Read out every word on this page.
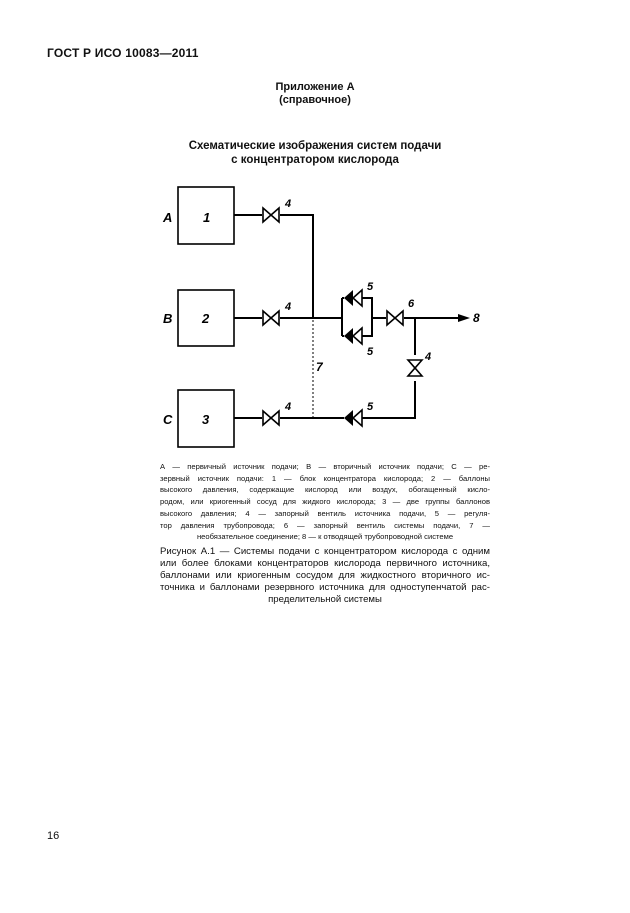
ГОСТ Р ИСО 10083—2011
Приложение А
(справочное)
Схематические изображения систем подачи
с концентратором кислорода
A 1
B 2
C 3
4
4
4
4
5
5
5
6
7
8
А — первичный источник подачи; В — вторичный источник подачи; С — ре-
зервный источник подачи: 1 — блок концентратора кислорода; 2 — баллоны
высокого давления, содержащие кислород или воздух, обогащенный кисло-
родом, или криогенный сосуд для жидкого кислорода; 3 — две группы баллонов
высокого давления; 4 — запорный вентиль источника подачи, 5 — регуля-
тор давления трубопровода; 6 — запорный вентиль системы подачи, 7 —
необязательное соединение; 8 — к отводящей трубопроводной системе
Рисунок А.1 — Системы подачи с концентратором кислорода с одним
или более блоками концентраторов кислорода первичного источника,
баллонами или криогенным сосудом для жидкостного вторичного ис-
точника и баллонами резервного источника для одноступенчатой рас-
пределительной системы
16
